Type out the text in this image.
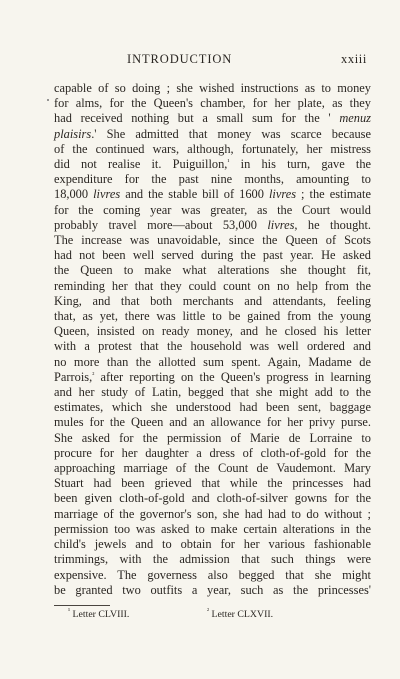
INTRODUCTION	xxiii
capable of so doing ; she wished instructions as to money
for alms, for the Queen's chamber, for her plate, as they
had received nothing but a small sum for the ' menuz
plaisirs.' She admitted that money was scarce because
of the continued wars, although, fortunately, her mistress
did not realise it. Puiguillon,$^{^1}$ in his turn, gave the
expenditure for the past nine months, amounting to
18,000 livres and the stable bill of 1600 livres ; the estimate
for the coming year was greater, as the Court would
probably travel more—about 53,000 livres, he thought.
The increase was unavoidable, since the Queen of Scots
had not been well served during the past year. He asked
the Queen to make what alterations she thought fit,
reminding her that they could count on no help from the
King, and that both merchants and attendants, feeling
that, as yet, there was little to be gained from the young
Queen, insisted on ready money, and he closed his letter
with a protest that the household was well ordered and
no more than the allotted sum spent. Again, Madame de
Parrois,$^{^2}$ after reporting on the Queen's progress in learning
and her study of Latin, begged that she might add to the
estimates, which she understood had been sent, baggage
mules for the Queen and an allowance for her privy purse.
She asked for the permission of Marie de Lorraine to
procure for her daughter a dress of cloth-of-gold for the
approaching marriage of the Count de Vaudemont. Mary
Stuart had been grieved that while the princesses had
been given cloth-of-gold and cloth-of-silver gowns for the
marriage of the governor's son, she had had to do without ;
permission too was asked to make certain alterations in the
child's jewels and to obtain for her various fashionable
trimmings, with the admission that such things were
expensive. The governess also begged that she might
be granted two outfits a year, such as the princesses'
$^{^1}$ Letter CLVIII.	$^{^2}$ Letter CLXVII.
